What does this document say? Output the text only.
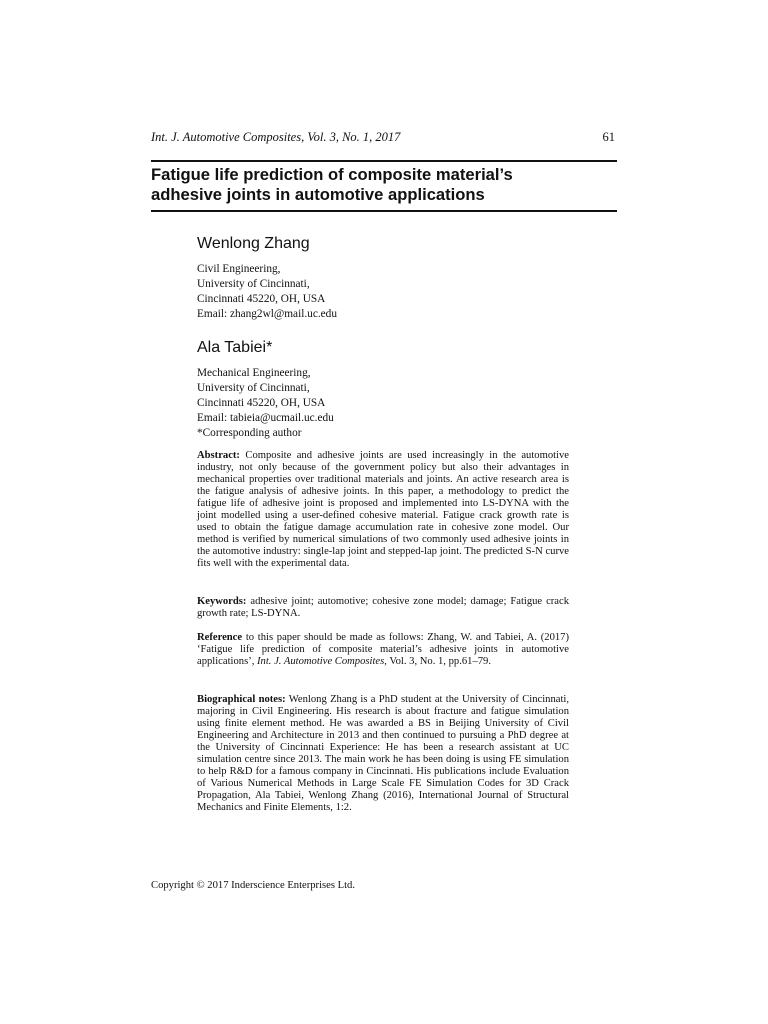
Int. J. Automotive Composites, Vol. 3, No. 1, 2017	61
Fatigue life prediction of composite material’s
adhesive joints in automotive applications
Wenlong Zhang
Civil Engineering,
University of Cincinnati,
Cincinnati 45220, OH, USA
Email: zhang2wl@mail.uc.edu
Ala Tabiei*
Mechanical Engineering,
University of Cincinnati,
Cincinnati 45220, OH, USA
Email: tabieia@ucmail.uc.edu
*Corresponding author

Abstract: Composite and adhesive joints are used increasingly in the automotive industry, not only because of the government policy but also their advantages in mechanical properties over traditional materials and joints. An active research area is the fatigue analysis of adhesive joints. In this paper, a methodology to predict the fatigue life of adhesive joint is proposed and implemented into LS-DYNA with the joint modelled using a user-defined cohesive material. Fatigue crack growth rate is used to obtain the fatigue damage accumulation rate in cohesive zone model. Our method is verified by numerical simulations of two commonly used adhesive joints in the automotive industry: single-lap joint and stepped-lap joint. The predicted S-N curve fits well with the experimental data.

Keywords: adhesive joint; automotive; cohesive zone model; damage; Fatigue crack growth rate; LS-DYNA.

Reference to this paper should be made as follows: Zhang, W. and Tabiei, A. (2017) ‘Fatigue life prediction of composite material’s adhesive joints in automotive applications’, Int. J. Automotive Composites, Vol. 3, No. 1, pp.61–79.

Biographical notes: Wenlong Zhang is a PhD student at the University of Cincinnati, majoring in Civil Engineering. His research is about fracture and fatigue simulation using finite element method. He was awarded a BS in Beijing University of Civil Engineering and Architecture in 2013 and then continued to pursuing a PhD degree at the University of Cincinnati Experience: He has been a research assistant at UC simulation centre since 2013. The main work he has been doing is using FE simulation to help R&D for a famous company in Cincinnati. His publications include Evaluation of Various Numerical Methods in Large Scale FE Simulation Codes for 3D Crack Propagation, Ala Tabiei, Wenlong Zhang (2016), International Journal of Structural Mechanics and Finite Elements, 1:2.

Copyright © 2017 Inderscience Enterprises Ltd.
